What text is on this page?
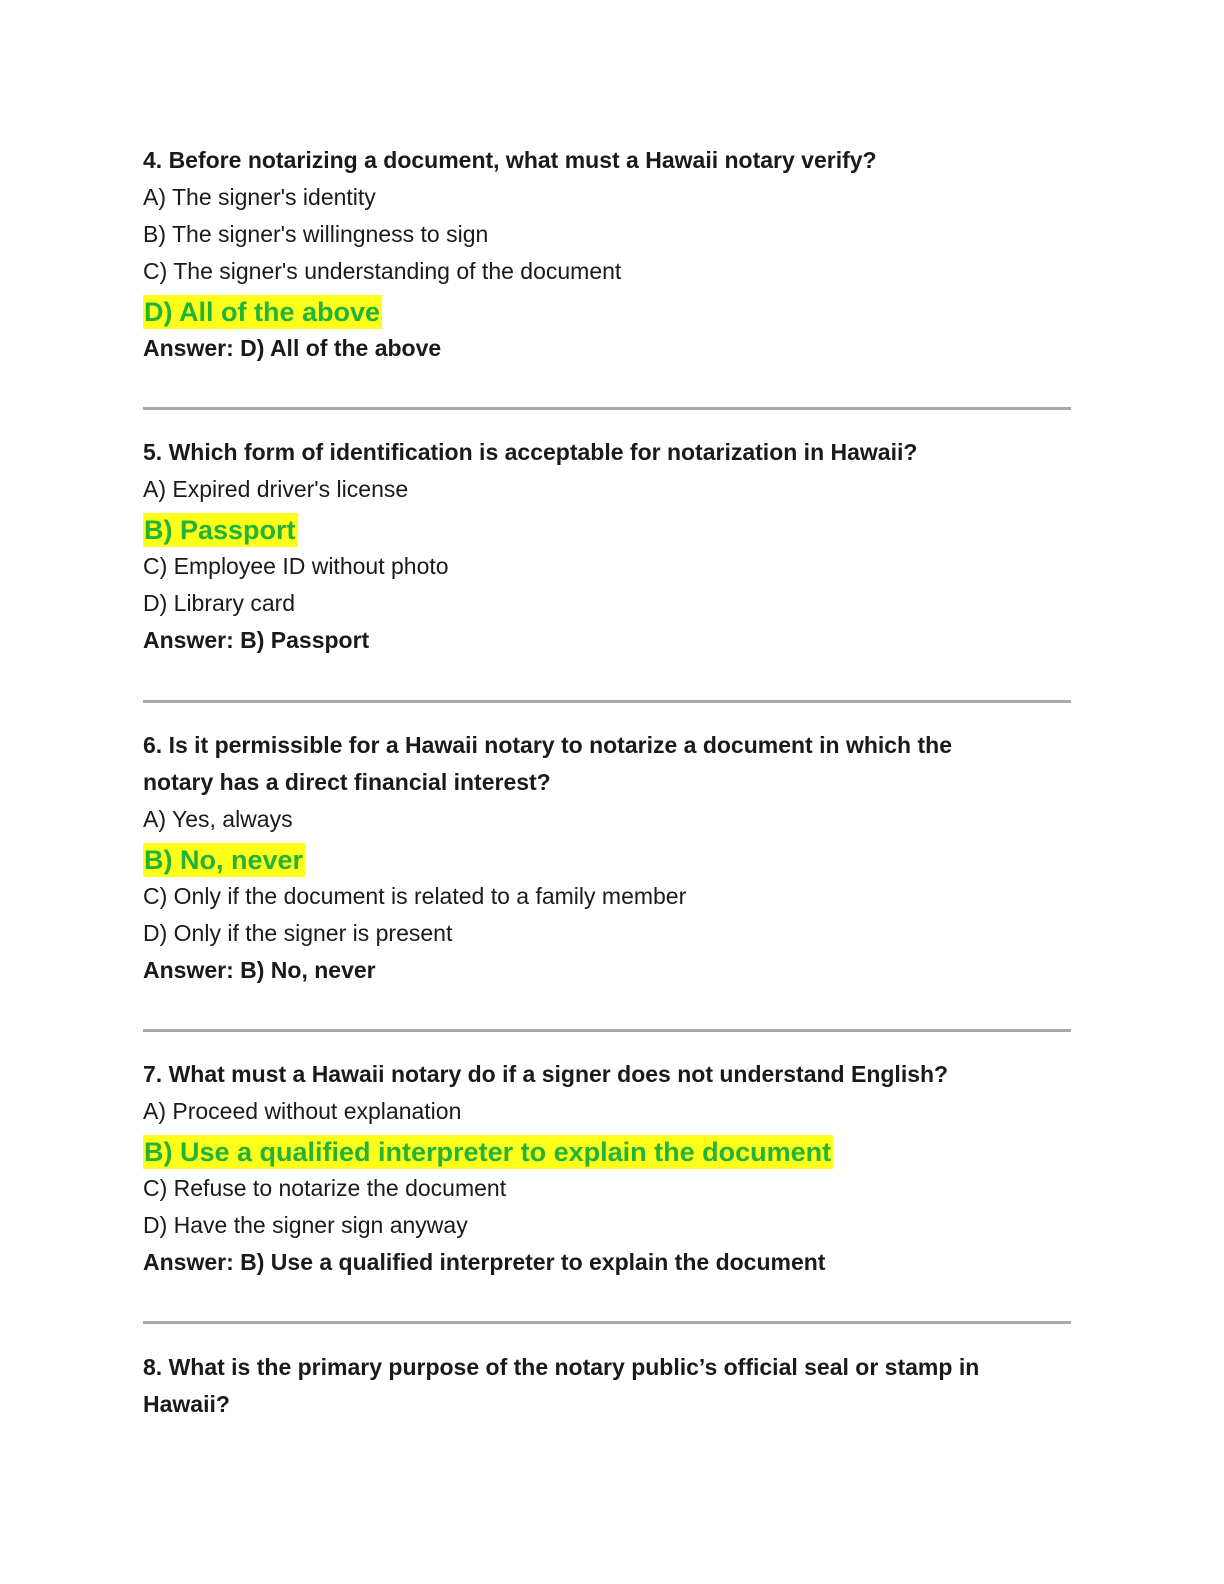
4. Before notarizing a document, what must a Hawaii notary verify?
A) The signer's identity
B) The signer's willingness to sign
C) The signer's understanding of the document
D) All of the above
Answer: D) All of the above
5. Which form of identification is acceptable for notarization in Hawaii?
A) Expired driver's license
B) Passport
C) Employee ID without photo
D) Library card
Answer: B) Passport
6. Is it permissible for a Hawaii notary to notarize a document in which the
notary has a direct financial interest?
A) Yes, always
B) No, never
C) Only if the document is related to a family member
D) Only if the signer is present
Answer: B) No, never
7. What must a Hawaii notary do if a signer does not understand English?
A) Proceed without explanation
B) Use a qualified interpreter to explain the document
C) Refuse to notarize the document
D) Have the signer sign anyway
Answer: B) Use a qualified interpreter to explain the document
8. What is the primary purpose of the notary public’s official seal or stamp in
Hawaii?
